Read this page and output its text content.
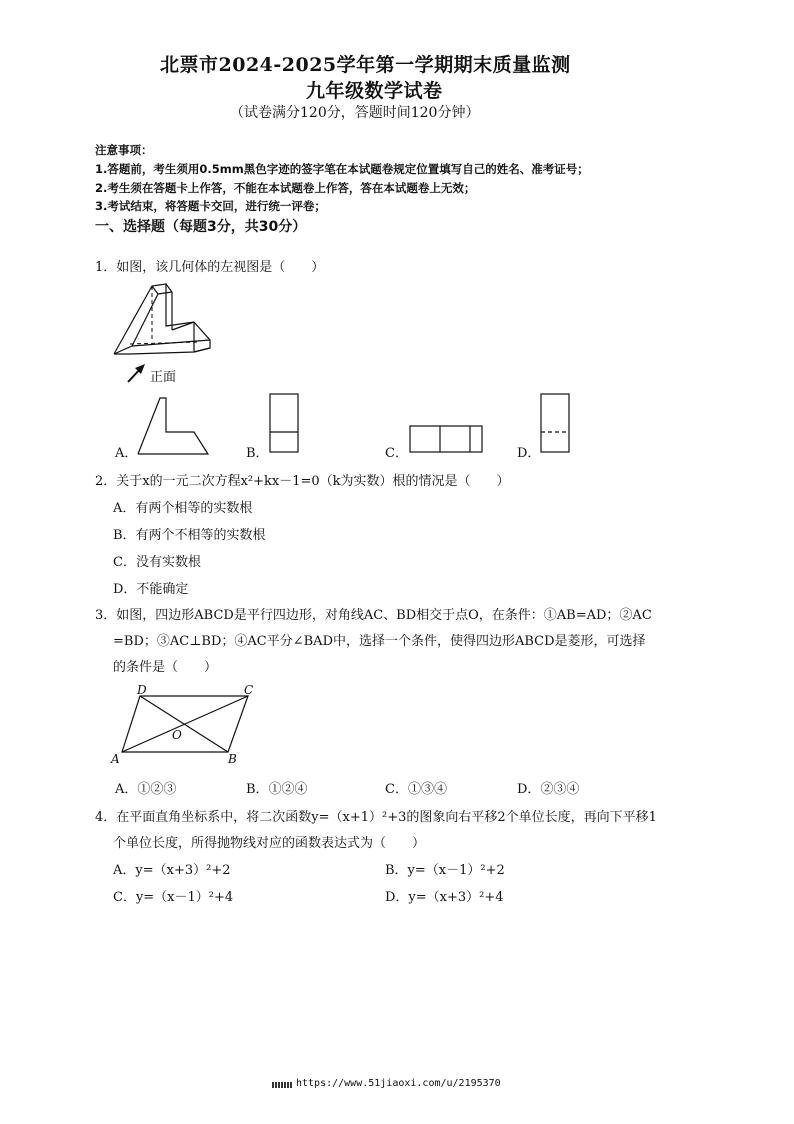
北票市2024-2025学年第一学期期末质量监测
九年级数学试卷
（试卷满分120分，答题时间120分钟）
注意事项：
1.答题前，考生须用0.5mm黑色字迹的签字笔在本试题卷规定位置填写自己的姓名、准考证号；
2.考生须在答题卡上作答，不能在本试题卷上作答，答在本试题卷上无效；
3.考试结束，将答题卡交回，进行统一评卷；
一、选择题（每题3分，共30分）
1．如图，该几何体的左视图是（　　）
正面
A．	B．	C．	D．
2．关于x的一元二次方程x²+kx－1=0（k为实数）根的情况是（　　）
A．有两个相等的实数根
B．有两个不相等的实数根
C．没有实数根
D．不能确定
3．如图，四边形ABCD是平行四边形，对角线AC、BD相交于点O，在条件：①AB=AD；②AC
=BD；③AC⊥BD；④AC平分∠BAD中，选择一个条件，使得四边形ABCD是菱形，可选择
的条件是（　　）
D	C
A	B
O
A．①②③	B．①②④	C．①③④	D．②③④
4．在平面直角坐标系中，将二次函数y=（x+1）²+3的图象向右平移2个单位长度，再向下平移1
个单位长度，所得抛物线对应的函数表达式为（　　）
A．y=（x+3）²+2	B．y=（x－1）²+2
C．y=（x－1）²+4	D．y=（x+3）²+4
https://www.51jiaoxi.com/u/2195370
